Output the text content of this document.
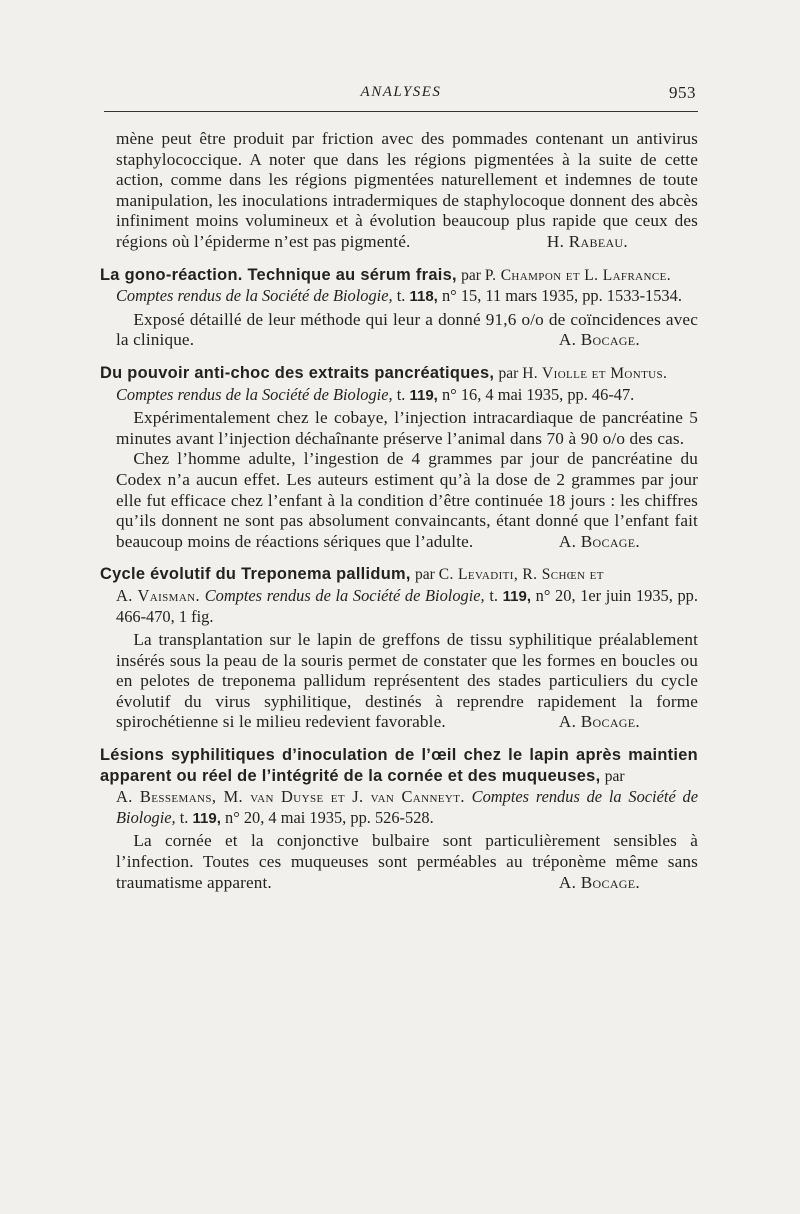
ANALYSES	953

mène peut être produit par friction avec des pommades contenant un antivirus staphylococcique. A noter que dans les régions pigmentées à la suite de cette action, comme dans les régions pigmentées naturellement et indemnes de toute manipulation, les inoculations intradermiques de staphylocoque donnent des abcès infiniment moins volumineux et à évolution beaucoup plus rapide que ceux des régions où l’épiderme n’est pas pigmenté.	H. Rabeau.

La gono-réaction. Technique au sérum frais, par P. Champon et L. Lafrance.

Comptes rendus de la Société de Biologie, t. 118, n° 15, 11 mars 1935, pp. 1533-1534.

 Exposé détaillé de leur méthode qui leur a donné 91,6 o/o de coïncidences avec la clinique.	A. Bocage.

Du pouvoir anti-choc des extraits pancréatiques, par H. Violle et Montus.

Comptes rendus de la Société de Biologie, t. 119, n° 16, 4 mai 1935, pp. 46-47.

 Expérimentalement chez le cobaye, l’injection intracardiaque de pancréatine 5 minutes avant l’injection déchaînante préserve l’animal dans 70 à 90 o/o des cas.

 Chez l’homme adulte, l’ingestion de 4 grammes par jour de pancréatine du Codex n’a aucun effet. Les auteurs estiment qu’à la dose de 2 grammes par jour elle fut efficace chez l’enfant à la condition d’être continuée 18 jours : les chiffres qu’ils donnent ne sont pas absolument convaincants, étant donné que l’enfant fait beaucoup moins de réactions sériques que l’adulte.	A. Bocage.

Cycle évolutif du Treponema pallidum, par C. Levaditi, R. Schœn et

A. Vaisman. Comptes rendus de la Société de Biologie, t. 119, n° 20, 1er juin 1935, pp. 466-470, 1 fig.

 La transplantation sur le lapin de greffons de tissu syphilitique préalablement insérés sous la peau de la souris permet de constater que les formes en boucles ou en pelotes de treponema pallidum représentent des stades particuliers du cycle évolutif du virus syphilitique, destinés à reprendre rapidement la forme spirochétienne si le milieu redevient favorable.	A. Bocage.

Lésions syphilitiques d’inoculation de l’œil chez le lapin après maintien apparent ou réel de l’intégrité de la cornée et des muqueuses, par

A. Bessemans, M. van Duyse et J. van Canneyt. Comptes rendus de la Société de Biologie, t. 119, n° 20, 4 mai 1935, pp. 526-528.

 La cornée et la conjonctive bulbaire sont particulièrement sensibles à l’infection. Toutes ces muqueuses sont perméables au tréponème même sans traumatisme apparent.	A. Bocage.
